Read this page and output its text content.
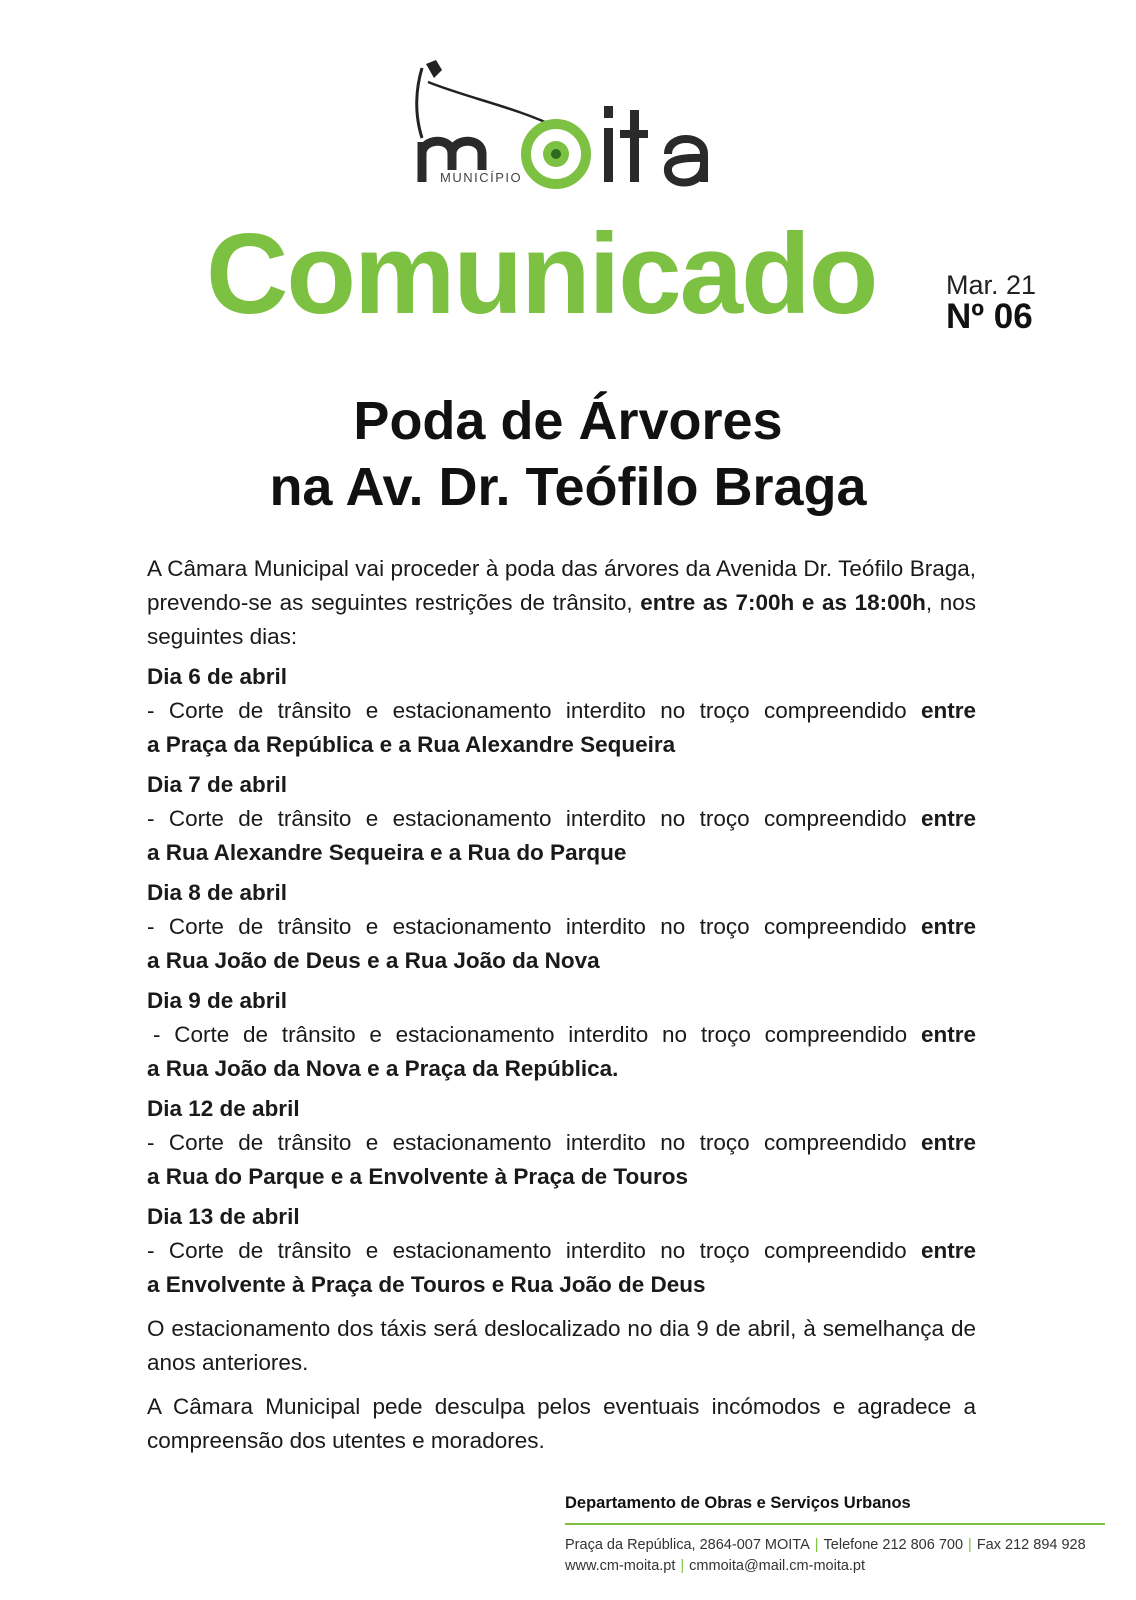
MUNICÍPIO
Comunicado	Mar. 21
Nº 06
Poda de Árvores
na Av. Dr. Teófilo Braga

A Câmara Municipal vai proceder à poda das árvores da Avenida Dr. Teófilo Braga, prevendo-se as seguintes restrições de trânsito, entre as 7:00h e as 18:00h, nos seguintes dias:

Dia 6 de abril

- Corte de trânsito e estacionamento interdito no troço compreendido entre

a Praça da República e a Rua Alexandre Sequeira

Dia 7 de abril

- Corte de trânsito e estacionamento interdito no troço compreendido entre

a Rua Alexandre Sequeira e a Rua do Parque

Dia 8 de abril

- Corte de trânsito e estacionamento interdito no troço compreendido entre

a Rua João de Deus e a Rua João da Nova

Dia 9 de abril

- Corte de trânsito e estacionamento interdito no troço compreendido entre

a Rua João da Nova e a Praça da República.

Dia 12 de abril

- Corte de trânsito e estacionamento interdito no troço compreendido entre

a Rua do Parque e a Envolvente à Praça de Touros

Dia 13 de abril

- Corte de trânsito e estacionamento interdito no troço compreendido entre

a Envolvente à Praça de Touros e Rua João de Deus

O estacionamento dos táxis será deslocalizado no dia 9 de abril, à semelhança de anos anteriores.

A Câmara Municipal pede desculpa pelos eventuais incómodos e agradece a compreensão dos utentes e moradores.

Departamento de Obras e Serviços Urbanos

Praça da República, 2864-007 MOITA | Telefone 212 806 700 | Fax 212 894 928
www.cm-moita.pt | cmmoita@mail.cm-moita.pt
